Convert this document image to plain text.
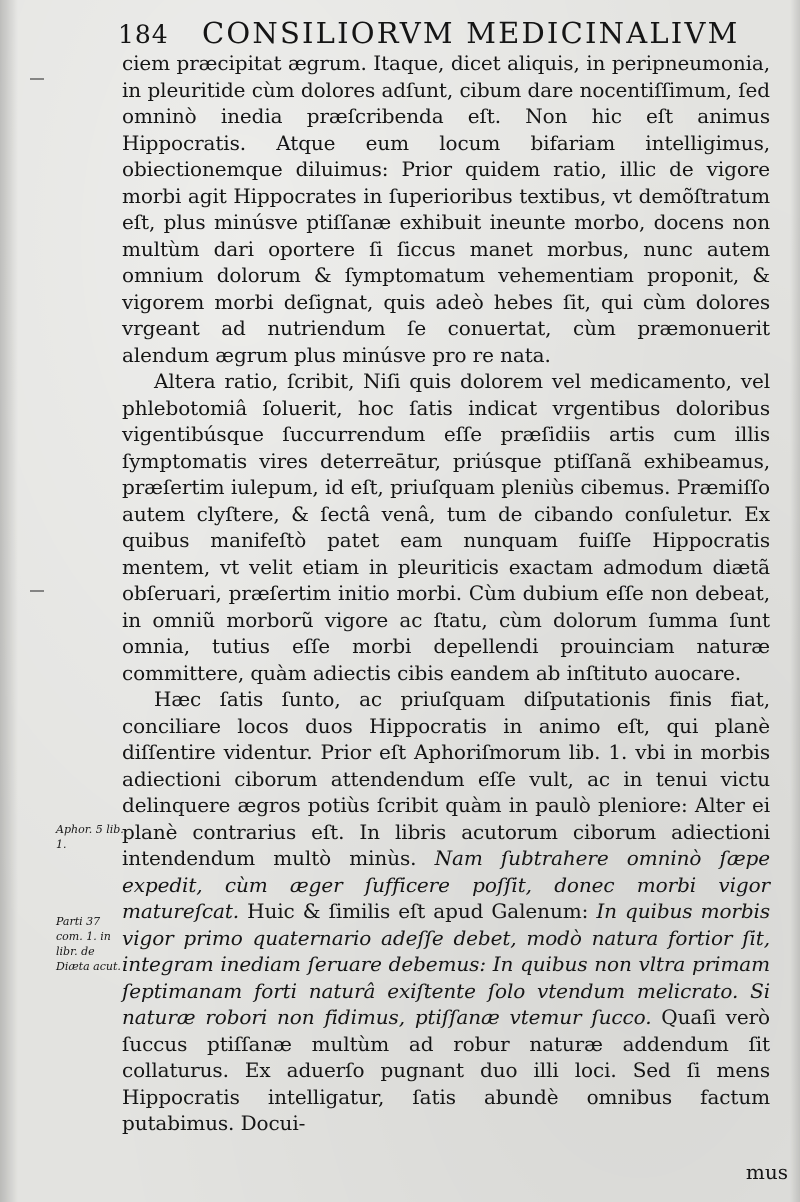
184 CONSILIORVM MEDICINALIVM

ciem præcipitat ægrum. Itaque, dicet aliquis, in peripneumonia, in pleuritide cùm dolores adſunt, cibum dare nocentiſſimum, ſed omninò inedia præſcribenda eſt. Non hic eſt animus Hippocratis. Atque eum locum bifariam intelligimus, obiectionemque diluimus: Prior quidem ratio, illic de vigore morbi agit Hippocrates in ſuperioribus textibus, vt demõſtratum eſt, plus minúsve ptiſſanæ exhibuit ineunte morbo, docens non multùm dari oportere ſi ſiccus manet morbus, nunc autem omnium dolorum & ſymptomatum vehementiam proponit, & vigorem morbi deſignat, quis adeò hebes ſit, qui cùm dolores vrgeant ad nutriendum ſe conuertat, cùm præmonuerit alendum ægrum plus minúsve pro re nata.

Altera ratio, ſcribit, Niſi quis dolorem vel medicamento, vel phlebotomiâ ſoluerit, hoc ſatis indicat vrgentibus doloribus vigentibúsque ſuccurrendum eſſe præſidiis artis cum illis ſymptomatis vires deterreātur, priúsque ptiſſanã exhibeamus, præſertim iulepum, id eſt, priuſquam pleniùs cibemus. Præmiſſo autem clyſtere, & ſectâ venâ, tum de cibando conſuletur. Ex quibus manifeſtò patet eam nunquam fuiſſe Hippocratis mentem, vt velit etiam in pleuriticis exactam admodum diætã obſeruari, præſertim initio morbi. Cùm dubium eſſe non debeat, in omniũ morborũ vigore ac ſtatu, cùm dolorum ſumma ſunt omnia, tutius eſſe morbi depellendi prouinciam naturæ committere, quàm adiectis cibis eandem ab inſtituto auocare.

Hæc ſatis ſunto, ac priuſquam diſputationis finis fiat, conciliare locos duos Hippocratis in animo eſt, qui planè diſſentire videntur. Prior eſt Aphoriſmorum lib. 1. vbi in morbis adiectioni ciborum attendendum eſſe vult, ac in tenui victu delinquere ægros potiùs ſcribit quàm in paulò pleniore: Alter ei planè contrarius eſt. In libris acutorum ciborum adiectioni intendendum multò minùs. Nam ſubtrahere omninò ſæpe expedit, cùm æger ſufficere poſſit, donec morbi vigor matureſcat. Huic & ſimilis eſt apud Galenum: In quibus morbis vigor primo quaternario adeſſe debet, modò natura fortior ſit, integram inediam ſeruare debemus: In quibus non vltra primam ſeptimanam forti naturâ exiſtente ſolo vtendum melicrato. Si naturæ robori non fidimus, ptiſſanæ vtemur ſucco. Quaſi verò ſuccus ptiſſanæ multùm ad robur naturæ addendum ſit collaturus. Ex aduerſo pugnant duo illi loci. Sed ſi mens Hippocratis intelligatur, ſatis abundè omnibus factum putabimus. Docui-

Aphor. 5 lib. 1.
Parti 37 com. 1. in libr. de Diæta acut.
mus
